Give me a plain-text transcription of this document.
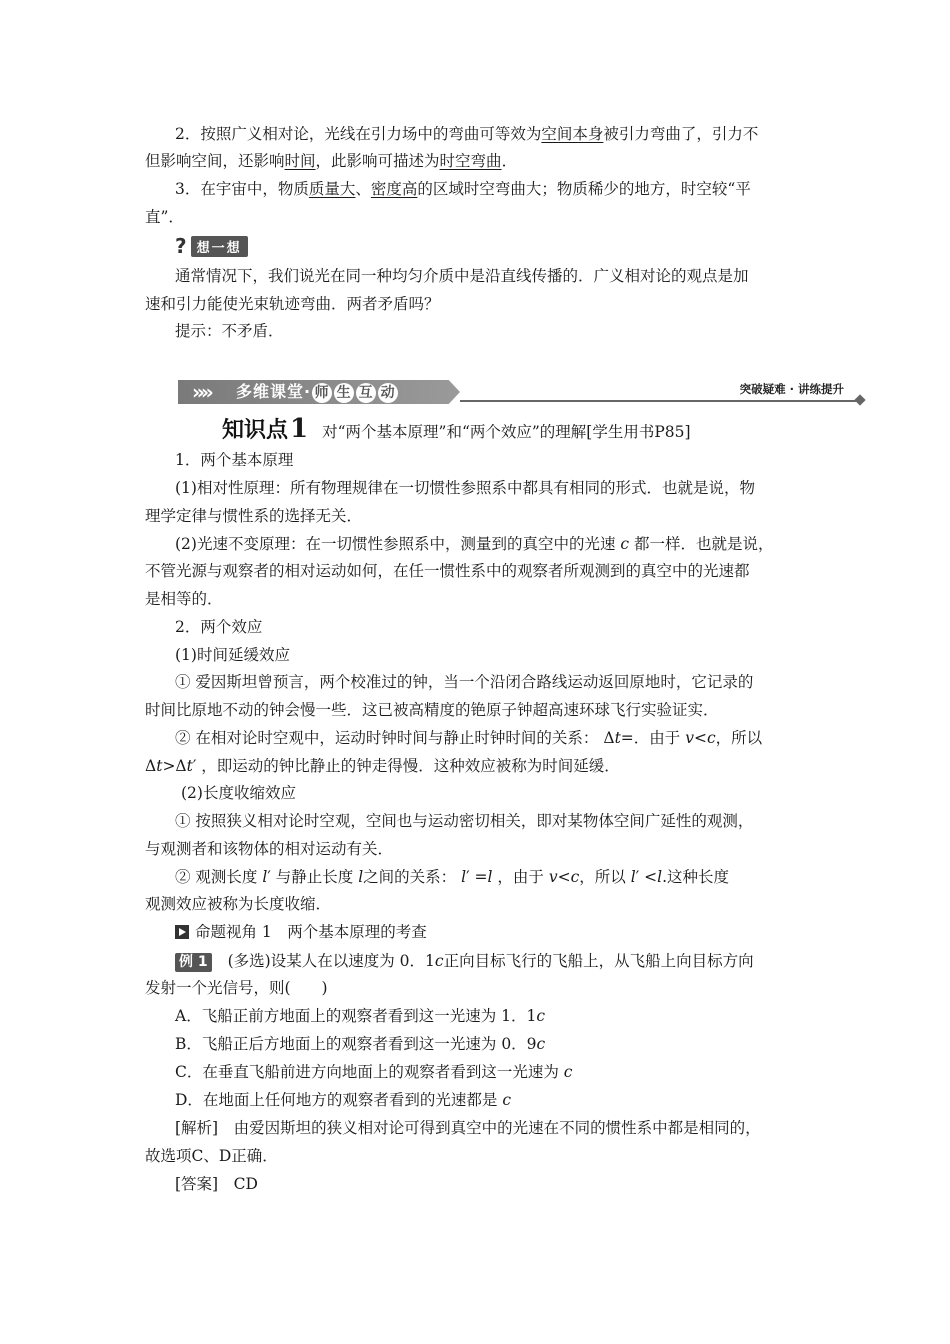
2．按照广义相对论，光线在引力场中的弯曲可等效为空间本身被引力弯曲了，引力不
但影响空间，还影响时间，此影响可描述为时空弯曲．
3．在宇宙中，物质质量大、密度高的区域时空弯曲大；物质稀少的地方，时空较“平
直”．
? 想一想
通常情况下，我们说光在同一种均匀介质中是沿直线传播的．广义相对论的观点是加
速和引力能使光束轨迹弯曲．两者矛盾吗？
提示：不矛盾．
»» 多维课堂· 师 生 互 动	突破疑难 · 讲练提升
知识点 1 对“两个基本原理”和“两个效应”的理解[学生用书P85]
1．两个基本原理
(1)相对性原理：所有物理规律在一切惯性参照系中都具有相同的形式．也就是说，物
理学定律与惯性系的选择无关．
(2)光速不变原理：在一切惯性参照系中，测量到的真空中的光速 c 都一样．也就是说，
不管光源与观察者的相对运动如何，在任一惯性系中的观察者所观测到的真空中的光速都
是相等的．
2．两个效应
(1)时间延缓效应
① 爱因斯坦曾预言，两个校准过的钟，当一个沿闭合路线运动返回原地时，它记录的
时间比原地不动的钟会慢一些．这已被高精度的铯原子钟超高速环球飞行实验证实．
② 在相对论时空观中，运动时钟时间与静止时钟时间的关系： Δt=．由于 v<c，所以
Δt>Δt′ ，即运动的钟比静止的钟走得慢．这种效应被称为时间延缓．
(2)长度收缩效应
① 按照狭义相对论时空观，空间也与运动密切相关，即对某物体空间广延性的观测，
与观测者和该物体的相对运动有关．
② 观测长度 l′ 与静止长度 l之间的关系： l′ =l ，由于 v<c，所以 l′ <l.这种长度
观测效应被称为长度收缩．
命题视角 1　两个基本原理的考查
例 1 (多选)设某人在以速度为 0．1c正向目标飞行的飞船上，从飞船上向目标方向
发射一个光信号，则(　　)
A．飞船正前方地面上的观察者看到这一光速为 1．1c
B．飞船正后方地面上的观察者看到这一光速为 0．9c
C．在垂直飞船前进方向地面上的观察者看到这一光速为 c
D．在地面上任何地方的观察者看到的光速都是 c
[解析]　由爱因斯坦的狭义相对论可得到真空中的光速在不同的惯性系中都是相同的，
故选项C、D正确．
[答案]　CD
